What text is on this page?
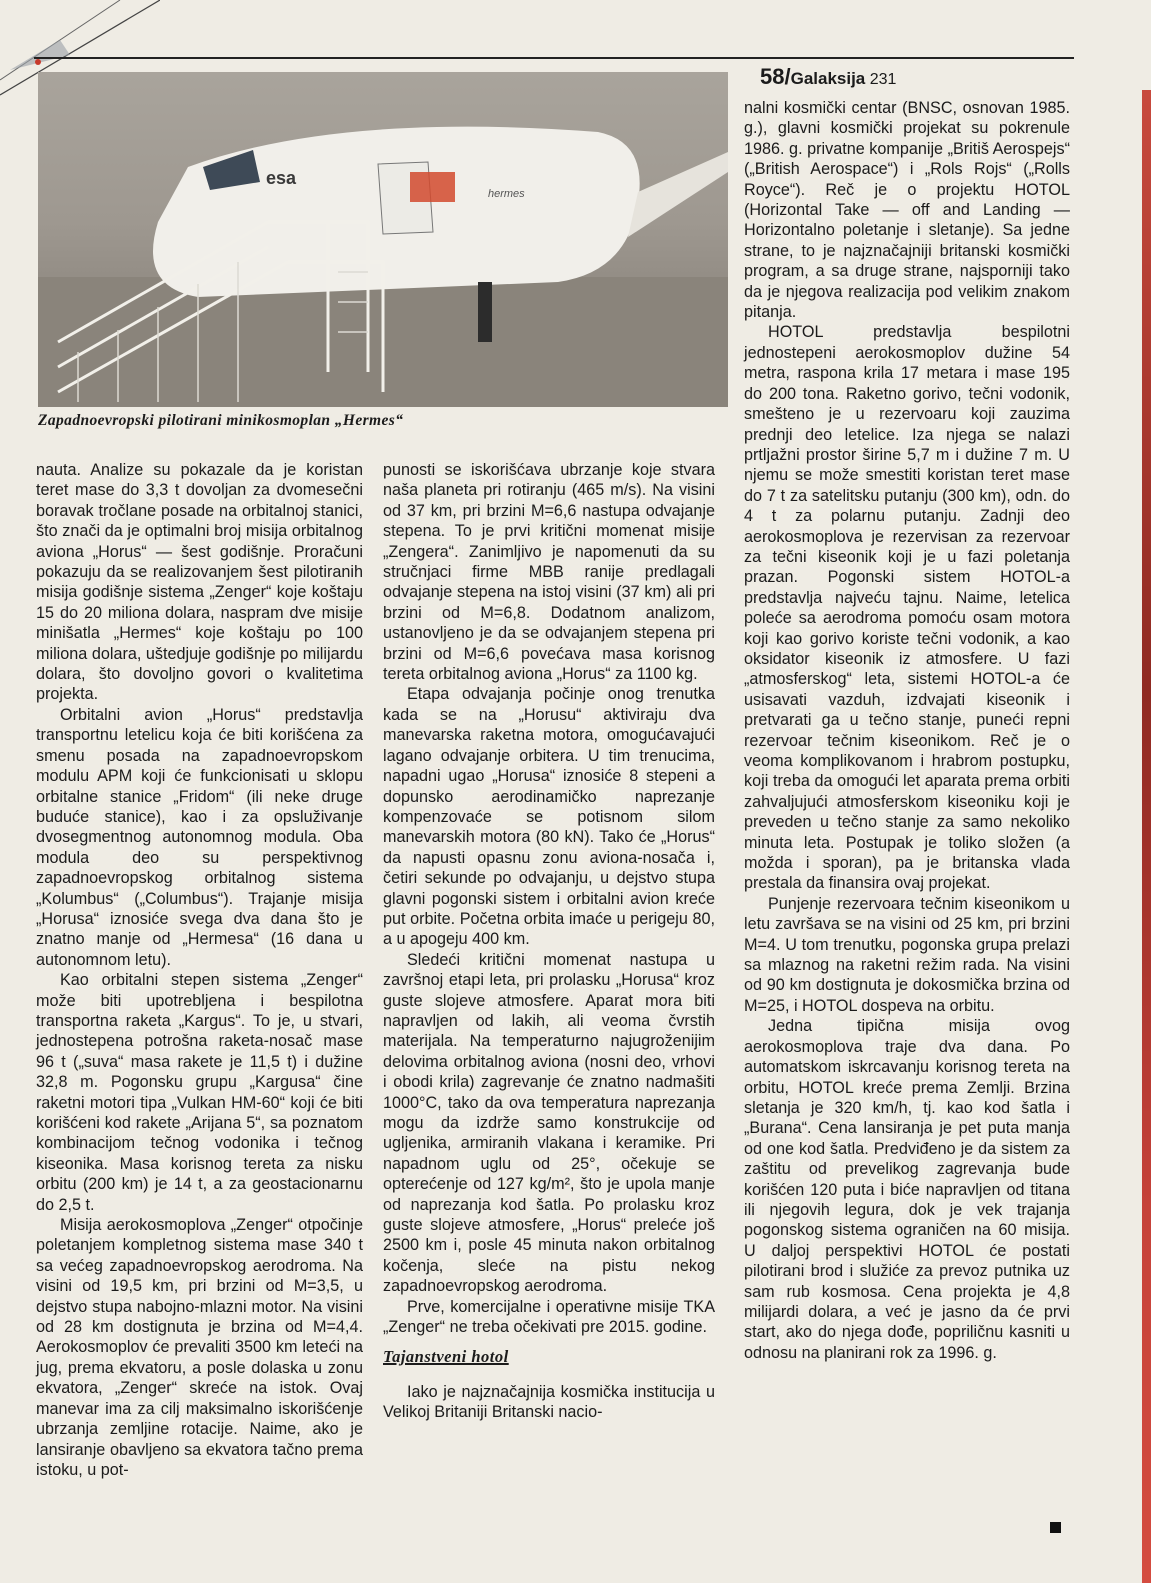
58/Galaksija 231
esa
hermes
Zapadnoevropski pilotirani minikosmoplan „Hermes“

nauta. Analize su pokazale da je koristan teret mase do 3,3 t dovoljan za dvomesečni boravak tročlane posade na orbitalnoj stanici, što znači da je optimalni broj misija orbitalnog aviona „Horus“ — šest godišnje. Proračuni pokazuju da se realizovanjem šest pilotiranih misija godišnje sistema „Zenger“ koje koštaju 15 do 20 miliona dolara, naspram dve misije minišatla „Hermes“ koje koštaju po 100 miliona dolara, uštedjuje godišnje po milijardu dolara, što dovoljno govori o kvalitetima projekta.

Orbitalni avion „Horus“ predstavlja transportnu letelicu koja će biti korišćena za smenu posada na zapadnoevropskom modulu APM koji će funkcionisati u sklopu orbitalne stanice „Fridom“ (ili neke druge buduće stanice), kao i za opsluživanje dvosegmentnog autonomnog modula. Oba modula deo su perspektivnog zapadnoevropskog orbitalnog sistema „Kolumbus“ („Columbus“). Trajanje misija „Horusa“ iznosiće svega dva dana što je znatno manje od „Hermesa“ (16 dana u autonomnom letu).

Kao orbitalni stepen sistema „Zenger“ može biti upotrebljena i bespilotna transportna raketa „Kargus“. To je, u stvari, jednostepena potrošna raketa-nosač mase 96 t („suva“ masa rakete je 11,5 t) i dužine 32,8 m. Pogonsku grupu „Kargusa“ čine raketni motori tipa „Vulkan HM-60“ koji će biti korišćeni kod rakete „Arijana 5“, sa poznatom kombinacijom tečnog vodonika i tečnog kiseonika. Masa korisnog tereta za nisku orbitu (200 km) je 14 t, a za geostacionarnu do 2,5 t.

Misija aerokosmoplova „Zenger“ otpočinje poletanjem kompletnog sistema mase 340 t sa većeg zapadnoevropskog aerodroma. Na visini od 19,5 km, pri brzini od M=3,5, u dejstvo stupa nabojno-mlazni motor. Na visini od 28 km dostignuta je brzina od M=4,4. Aerokosmoplov će prevaliti 3500 km leteći na jug, prema ekvatoru, a posle dolaska u zonu ekvatora, „Zenger“ skreće na istok. Ovaj manevar ima za cilj maksimalno iskorišćenje ubrzanja zemljine rotacije. Naime, ako je lansiranje obavljeno sa ekvatora tačno prema istoku, u pot-

punosti se iskorišćava ubrzanje koje stvara naša planeta pri rotiranju (465 m/s). Na visini od 37 km, pri brzini M=6,6 nastupa odvajanje stepena. To je prvi kritični momenat misije „Zengera“. Zanimljivo je napomenuti da su stručnjaci firme MBB ranije predlagali odvajanje stepena na istoj visini (37 km) ali pri brzini od M=6,8. Dodatnom analizom, ustanovljeno je da se odvajanjem stepena pri brzini od M=6,6 povećava masa korisnog tereta orbitalnog aviona „Horus“ za 1100 kg.

Etapa odvajanja počinje onog trenutka kada se na „Horusu“ aktiviraju dva manevarska raketna motora, omogućavajući lagano odvajanje orbitera. U tim trenucima, napadni ugao „Horusa“ iznosiće 8 stepeni a dopunsko aerodinamičko naprezanje kompenzovaće se potisnom silom manevarskih motora (80 kN). Tako će „Horus“ da napusti opasnu zonu aviona-nosača i, četiri sekunde po odvajanju, u dejstvo stupa glavni pogonski sistem i orbitalni avion kreće put orbite. Početna orbita imaće u perigeju 80, a u apogeju 400 km.

Sledeći kritični momenat nastupa u završnoj etapi leta, pri prolasku „Horusa“ kroz guste slojeve atmosfere. Aparat mora biti napravljen od lakih, ali veoma čvrstih materijala. Na temperaturno najugroženijim delovima orbitalnog aviona (nosni deo, vrhovi i obodi krila) zagrevanje će znatno nadmašiti 1000°C, tako da ova temperatura naprezanja mogu da izdrže samo konstrukcije od ugljenika, armiranih vlakana i keramike. Pri napadnom uglu od 25°, očekuje se opterećenje od 127 kg/m², što je upola manje od naprezanja kod šatla. Po prolasku kroz guste slojeve atmosfere, „Horus“ preleće još 2500 km i, posle 45 minuta nakon orbitalnog kočenja, sleće na pistu nekog zapadnoevropskog aerodroma.

Prve, komercijalne i operativne misije TKA „Zenger“ ne treba očekivati pre 2015. godine.

Tajanstveni hotol

Iako je najznačajnija kosmička institucija u Velikoj Britaniji Britanski nacio-

nalni kosmički centar (BNSC, osnovan 1985. g.), glavni kosmički projekat su pokrenule 1986. g. privatne kompanije „Britiš Aerospejs“ („British Aerospace“) i „Rols Rojs“ („Rolls Royce“). Reč je o projektu HOTOL (Horizontal Take — off and Landing — Horizontalno poletanje i sletanje). Sa jedne strane, to je najznačajniji britanski kosmički program, a sa druge strane, najsporniji tako da je njegova realizacija pod velikim znakom pitanja.

HOTOL predstavlja bespilotni jednostepeni aerokosmoplov dužine 54 metra, raspona krila 17 metara i mase 195 do 200 tona. Raketno gorivo, tečni vodonik, smešteno je u rezervoaru koji zauzima prednji deo letelice. Iza njega se nalazi prtljažni prostor širine 5,7 m i dužine 7 m. U njemu se može smestiti koristan teret mase do 7 t za satelitsku putanju (300 km), odn. do 4 t za polarnu putanju. Zadnji deo aerokosmoplova je rezervisan za rezervoar za tečni kiseonik koji je u fazi poletanja prazan. Pogonski sistem HOTOL-a predstavlja najveću tajnu. Naime, letelica poleće sa aerodroma pomoću osam motora koji kao gorivo koriste tečni vodonik, a kao oksidator kiseonik iz atmosfere. U fazi „atmosferskog“ leta, sistemi HOTOL-a će usisavati vazduh, izdvajati kiseonik i pretvarati ga u tečno stanje, puneći repni rezervoar tečnim kiseonikom. Reč je o veoma komplikovanom i hrabrom postupku, koji treba da omogući let aparata prema orbiti zahvaljujući atmosferskom kiseoniku koji je preveden u tečno stanje za samo nekoliko minuta leta. Postupak je toliko složen (a možda i sporan), pa je britanska vlada prestala da finansira ovaj projekat.

Punjenje rezervoara tečnim kiseonikom u letu završava se na visini od 25 km, pri brzini M=4. U tom trenutku, pogonska grupa prelazi sa mlaznog na raketni režim rada. Na visini od 90 km dostignuta je dokosmička brzina od M=25, i HOTOL dospeva na orbitu.

Jedna tipična misija ovog aerokosmoplova traje dva dana. Po automatskom iskrcavanju korisnog tereta na orbitu, HOTOL kreće prema Zemlji. Brzina sletanja je 320 km/h, tj. kao kod šatla i „Burana“. Cena lansiranja je pet puta manja od one kod šatla. Predviđeno je da sistem za zaštitu od prevelikog zagrevanja bude korišćen 120 puta i biće napravljen od titana ili njegovih legura, dok je vek trajanja pogonskog sistema ograničen na 60 misija. U daljoj perspektivi HOTOL će postati pilotirani brod i služiće za prevoz putnika uz sam rub kosmosa. Cena projekta je 4,8 milijardi dolara, a već je jasno da će prvi start, ako do njega dođe, popriličnu kasniti u odnosu na planirani rok za 1996. g.
